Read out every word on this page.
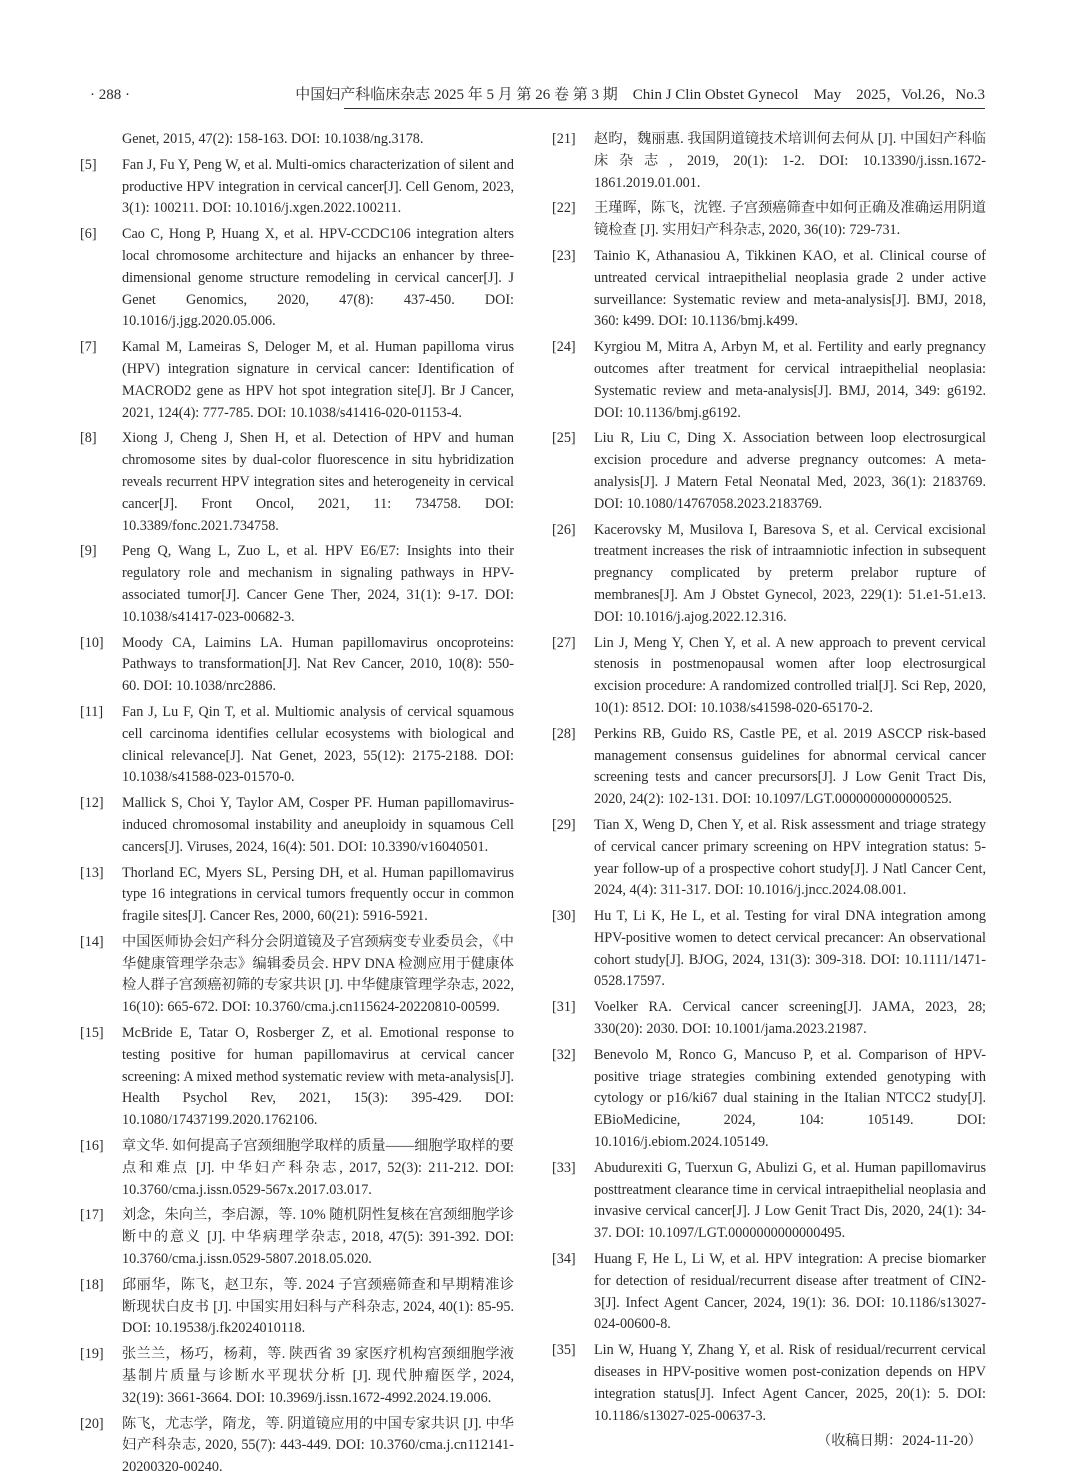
· 288 ·	中国妇产科临床杂志 2025 年 5 月 第 26 卷 第 3 期　Chin J Clin Obstet Gynecol　May　2025，Vol.26，No.3
Genet, 2015, 47(2): 158-163. DOI: 10.1038/ng.3178.
[5] Fan J, Fu Y, Peng W, et al. Multi-omics characterization of silent and productive HPV integration in cervical cancer[J]. Cell Genom, 2023, 3(1): 100211. DOI: 10.1016/j.xgen.2022.100211.
[6] Cao C, Hong P, Huang X, et al. HPV-CCDC106 integration alters local chromosome architecture and hijacks an enhancer by three-dimensional genome structure remodeling in cervical cancer[J]. J Genet Genomics, 2020, 47(8): 437-450. DOI: 10.1016/j.jgg.2020.05.006.
[7] Kamal M, Lameiras S, Deloger M, et al. Human papilloma virus (HPV) integration signature in cervical cancer: Identification of MACROD2 gene as HPV hot spot integration site[J]. Br J Cancer, 2021, 124(4): 777-785. DOI: 10.1038/s41416-020-01153-4.
[8] Xiong J, Cheng J, Shen H, et al. Detection of HPV and human chromosome sites by dual-color fluorescence in situ hybridization reveals recurrent HPV integration sites and heterogeneity in cervical cancer[J]. Front Oncol, 2021, 11: 734758. DOI: 10.3389/fonc.2021.734758.
[9] Peng Q, Wang L, Zuo L, et al. HPV E6/E7: Insights into their regulatory role and mechanism in signaling pathways in HPV-associated tumor[J]. Cancer Gene Ther, 2024, 31(1): 9-17. DOI: 10.1038/s41417-023-00682-3.
[10] Moody CA, Laimins LA. Human papillomavirus oncoproteins: Pathways to transformation[J]. Nat Rev Cancer, 2010, 10(8): 550-60. DOI: 10.1038/nrc2886.
[11] Fan J, Lu F, Qin T, et al. Multiomic analysis of cervical squamous cell carcinoma identifies cellular ecosystems with biological and clinical relevance[J]. Nat Genet, 2023, 55(12): 2175-2188. DOI: 10.1038/s41588-023-01570-0.
[12] Mallick S, Choi Y, Taylor AM, Cosper PF. Human papillomavirus-induced chromosomal instability and aneuploidy in squamous Cell cancers[J]. Viruses, 2024, 16(4): 501. DOI: 10.3390/v16040501.
[13] Thorland EC, Myers SL, Persing DH, et al. Human papillomavirus type 16 integrations in cervical tumors frequently occur in common fragile sites[J]. Cancer Res, 2000, 60(21): 5916-5921.
[14] 中国医师协会妇产科分会阴道镜及子宫颈病变专业委员会，《中华健康管理学杂志》编辑委员会. HPV DNA 检测应用于健康体检人群子宫颈癌初筛的专家共识 [J]. 中华健康管理学杂志, 2022, 16(10): 665-672. DOI: 10.3760/cma.j.cn115624-20220810-00599.
[15] McBride E, Tatar O, Rosberger Z, et al. Emotional response to testing positive for human papillomavirus at cervical cancer screening: A mixed method systematic review with meta-analysis[J]. Health Psychol Rev, 2021, 15(3): 395-429. DOI: 10.1080/17437199.2020.1762106.
[16] 章文华. 如何提高子宫颈细胞学取样的质量——细胞学取样的要点和难点 [J]. 中华妇产科杂志, 2017, 52(3): 211-212. DOI: 10.3760/cma.j.issn.0529-567x.2017.03.017.
[17] 刘念，朱向兰，李启源，等. 10% 随机阴性复核在宫颈细胞学诊断中的意义 [J]. 中华病理学杂志, 2018, 47(5): 391-392. DOI: 10.3760/cma.j.issn.0529-5807.2018.05.020.
[18] 邱丽华，陈飞，赵卫东，等. 2024 子宫颈癌筛查和早期精准诊断现状白皮书 [J]. 中国实用妇科与产科杂志, 2024, 40(1): 85-95. DOI: 10.19538/j.fk2024010118.
[19] 张兰兰，杨巧，杨莉，等. 陕西省 39 家医疗机构宫颈细胞学液基制片质量与诊断水平现状分析 [J]. 现代肿瘤医学, 2024, 32(19): 3661-3664. DOI: 10.3969/j.issn.1672-4992.2024.19.006.
[20] 陈飞，尤志学，隋龙，等. 阴道镜应用的中国专家共识 [J]. 中华妇产科杂志, 2020, 55(7): 443-449. DOI: 10.3760/cma.j.cn112141-20200320-00240.
[21] 赵昀，魏丽惠. 我国阴道镜技术培训何去何从 [J]. 中国妇产科临床杂志, 2019, 20(1): 1-2. DOI: 10.13390/j.issn.1672-1861.2019.01.001.
[22] 王瑾晖，陈飞，沈铿. 子宫颈癌筛查中如何正确及准确运用阴道镜检查 [J]. 实用妇产科杂志, 2020, 36(10): 729-731.
[23] Tainio K, Athanasiou A, Tikkinen KAO, et al. Clinical course of untreated cervical intraepithelial neoplasia grade 2 under active surveillance: Systematic review and meta-analysis[J]. BMJ, 2018, 360: k499. DOI: 10.1136/bmj.k499.
[24] Kyrgiou M, Mitra A, Arbyn M, et al. Fertility and early pregnancy outcomes after treatment for cervical intraepithelial neoplasia: Systematic review and meta-analysis[J]. BMJ, 2014, 349: g6192. DOI: 10.1136/bmj.g6192.
[25] Liu R, Liu C, Ding X. Association between loop electrosurgical excision procedure and adverse pregnancy outcomes: A meta-analysis[J]. J Matern Fetal Neonatal Med, 2023, 36(1): 2183769. DOI: 10.1080/14767058.2023.2183769.
[26] Kacerovsky M, Musilova I, Baresova S, et al. Cervical excisional treatment increases the risk of intraamniotic infection in subsequent pregnancy complicated by preterm prelabor rupture of membranes[J]. Am J Obstet Gynecol, 2023, 229(1): 51.e1-51.e13. DOI: 10.1016/j.ajog.2022.12.316.
[27] Lin J, Meng Y, Chen Y, et al. A new approach to prevent cervical stenosis in postmenopausal women after loop electrosurgical excision procedure: A randomized controlled trial[J]. Sci Rep, 2020, 10(1): 8512. DOI: 10.1038/s41598-020-65170-2.
[28] Perkins RB, Guido RS, Castle PE, et al. 2019 ASCCP risk-based management consensus guidelines for abnormal cervical cancer screening tests and cancer precursors[J]. J Low Genit Tract Dis, 2020, 24(2): 102-131. DOI: 10.1097/LGT.0000000000000525.
[29] Tian X, Weng D, Chen Y, et al. Risk assessment and triage strategy of cervical cancer primary screening on HPV integration status: 5-year follow-up of a prospective cohort study[J]. J Natl Cancer Cent, 2024, 4(4): 311-317. DOI: 10.1016/j.jncc.2024.08.001.
[30] Hu T, Li K, He L, et al. Testing for viral DNA integration among HPV-positive women to detect cervical precancer: An observational cohort study[J]. BJOG, 2024, 131(3): 309-318. DOI: 10.1111/1471-0528.17597.
[31] Voelker RA. Cervical cancer screening[J]. JAMA, 2023, 28; 330(20): 2030. DOI: 10.1001/jama.2023.21987.
[32] Benevolo M, Ronco G, Mancuso P, et al. Comparison of HPV-positive triage strategies combining extended genotyping with cytology or p16/ki67 dual staining in the Italian NTCC2 study[J]. EBioMedicine, 2024, 104: 105149. DOI: 10.1016/j.ebiom.2024.105149.
[33] Abudurexiti G, Tuerxun G, Abulizi G, et al. Human papillomavirus posttreatment clearance time in cervical intraepithelial neoplasia and invasive cervical cancer[J]. J Low Genit Tract Dis, 2020, 24(1): 34-37. DOI: 10.1097/LGT.0000000000000495.
[34] Huang F, He L, Li W, et al. HPV integration: A precise biomarker for detection of residual/recurrent disease after treatment of CIN2-3[J]. Infect Agent Cancer, 2024, 19(1): 36. DOI: 10.1186/s13027-024-00600-8.
[35] Lin W, Huang Y, Zhang Y, et al. Risk of residual/recurrent cervical diseases in HPV-positive women post-conization depends on HPV integration status[J]. Infect Agent Cancer, 2025, 20(1): 5. DOI: 10.1186/s13027-025-00637-3.
（收稿日期：2024-11-20）
